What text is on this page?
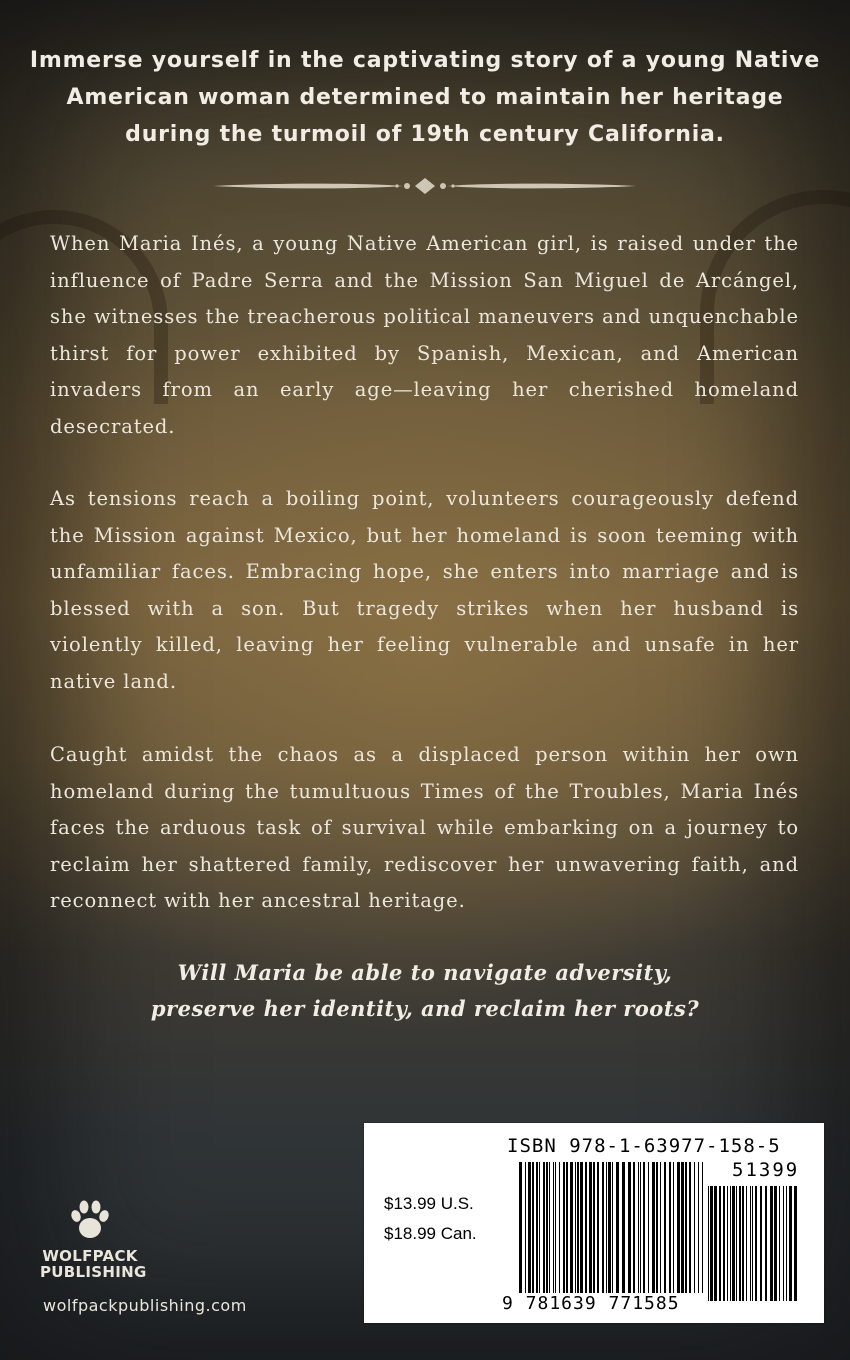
Immerse yourself in the captivating story of a young Native American woman determined to maintain her heritage during the turmoil of 19th century California.

When Maria Inés, a young Native American girl, is raised under the influence of Padre Serra and the Mission San Miguel de Arcángel, she witnesses the treacherous political maneuvers and unquenchable thirst for power exhibited by Spanish, Mexican, and American invaders from an early age—leaving her cherished homeland desecrated.

As tensions reach a boiling point, volunteers courageously defend the Mission against Mexico, but her homeland is soon teeming with unfamiliar faces. Embracing hope, she enters into marriage and is blessed with a son. But tragedy strikes when her husband is violently killed, leaving her feeling vulnerable and unsafe in her native land.

Caught amidst the chaos as a displaced person within her own homeland during the tumultuous Times of the Troubles, Maria Inés faces the arduous task of survival while embarking on a journey to reclaim her shattered family, rediscover her unwavering faith, and reconnect with her ancestral heritage.

Will Maria be able to navigate adversity,
preserve her identity, and reclaim her roots?
WOLFPACK
PUBLISHING
wolfpackpublishing.com
ISBN 978-1-63977-158-5
$13.99 U.S.
$18.99 Can.
51399
9 781639 771585
